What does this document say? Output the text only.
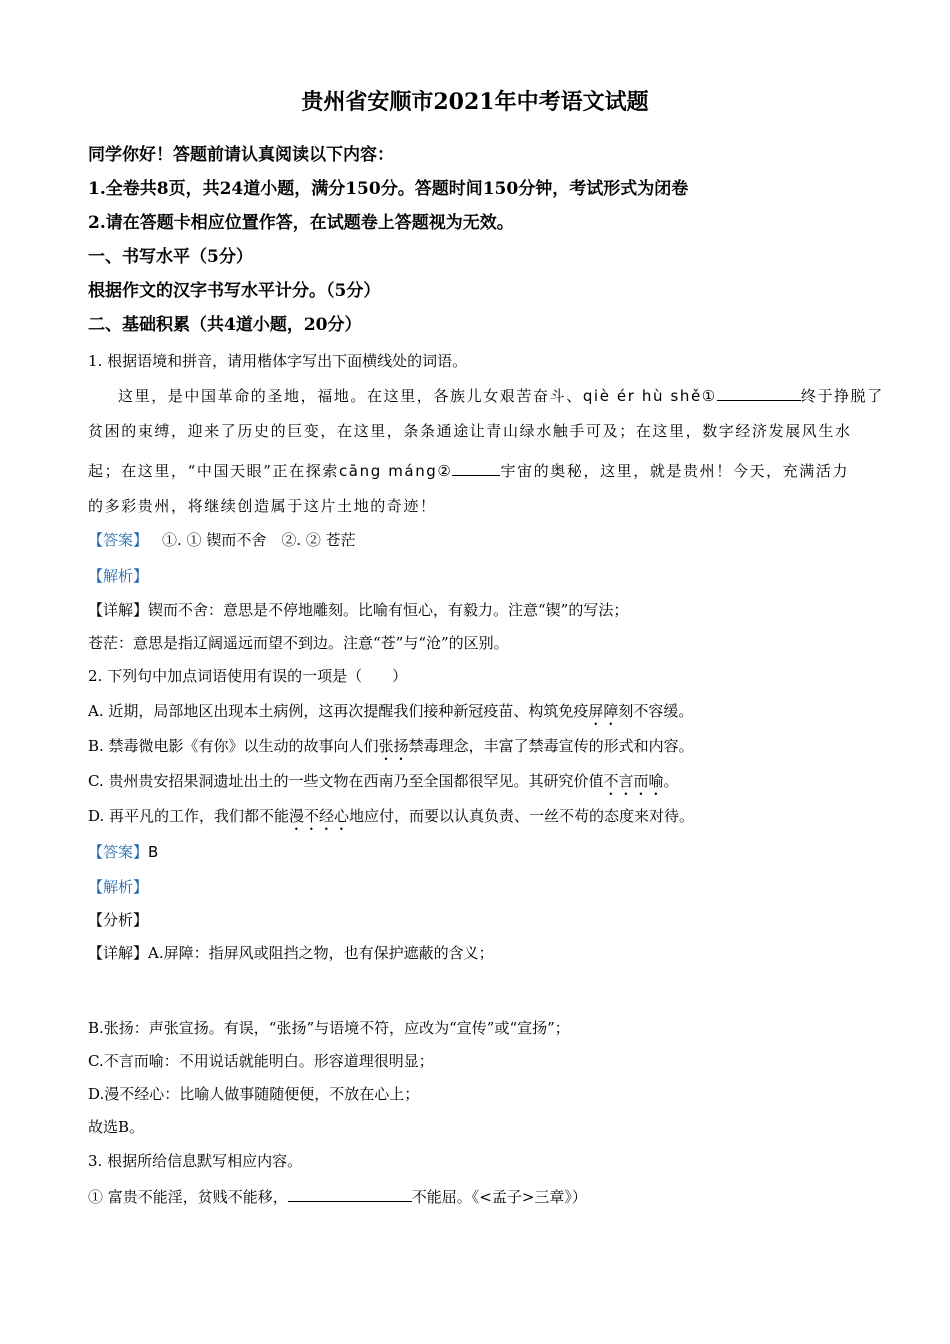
贵州省安顺市2021年中考语文试题
同学你好！答题前请认真阅读以下内容：
1.全卷共8页，共24道小题，满分150分。答题时间150分钟，考试形式为闭卷
2.请在答题卡相应位置作答，在试题卷上答题视为无效。
一、书写水平（5分）
根据作文的汉字书写水平计分。（5分）
二、基础积累（共4道小题，20分）
1. 根据语境和拼音，请用楷体字写出下面横线处的词语。
这里，是中国革命的圣地，福地。在这里，各族儿女艰苦奋斗、qiè ér hù shě①	终于挣脱了
贫困的束缚，迎来了历史的巨变，在这里，条条通途让青山绿水触手可及；在这里，数字经济发展风生水
起；在这里，“中国天眼”正在探索cāng máng②	宇宙的奥秘，这里，就是贵州！今天，充满活力
的多彩贵州，将继续创造属于这片土地的奇迹！
【答案】 ①. ① 锲而不舍　②. ② 苍茫
【解析】
【详解】锲而不舍：意思是不停地雕刻。比喻有恒心，有毅力。注意“锲”的写法；
苍茫：意思是指辽阔遥远而望不到边。注意“苍”与“沧”的区别。
2. 下列句中加点词语使用有误的一项是（　　）
A. 近期，局部地区出现本土病例，这再次提醒我们接种新冠疫苗、构筑免疫屏障刻不容缓。
B. 禁毒微电影《有你》以生动的故事向人们张扬禁毒理念，丰富了禁毒宣传的形式和内容。
C. 贵州贵安招果洞遗址出土的一些文物在西南乃至全国都很罕见。其研究价值不言而喻。
D. 再平凡的工作，我们都不能漫不经心地应付，而要以认真负责、一丝不苟的态度来对待。
【答案】B
【解析】
【分析】
【详解】A.屏障：指屏风或阻挡之物，也有保护遮蔽的含义；
B.张扬：声张宣扬。有误，“张扬”与语境不符，应改为“宣传”或“宣扬”；
C.不言而喻：不用说话就能明白。形容道理很明显；
D.漫不经心：比喻人做事随随便便，不放在心上；
故选B。
3. 根据所给信息默写相应内容。
① 富贵不能淫，贫贱不能移，	不能屈。《<孟子>三章》）
